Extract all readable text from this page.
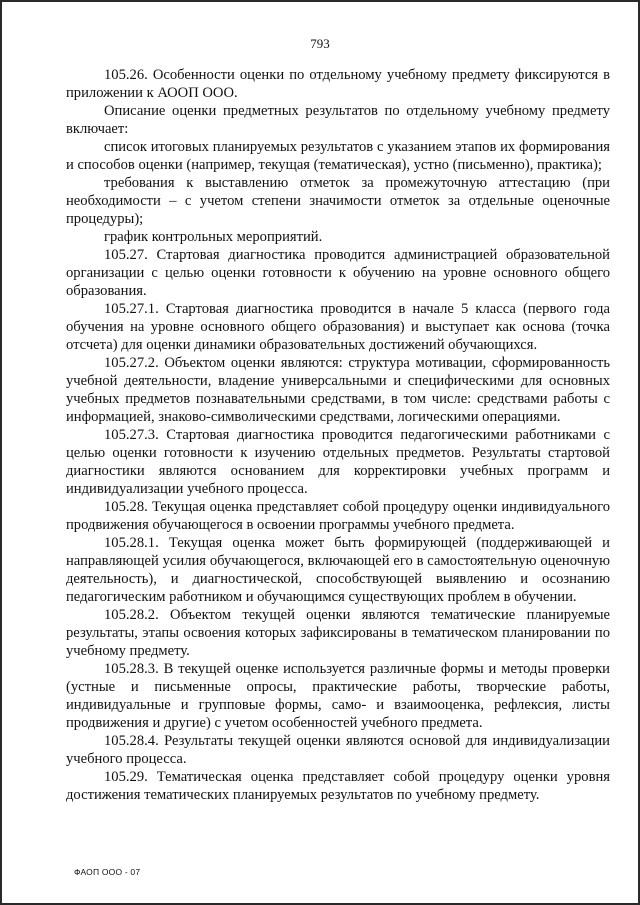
793

105.26. Особенности оценки по отдельному учебному предмету фиксируются в приложении к АООП ООО.

Описание оценки предметных результатов по отдельному учебному предмету включает:

список итоговых планируемых результатов с указанием этапов их формирования и способов оценки (например, текущая (тематическая), устно (письменно), практика);

требования к выставлению отметок за промежуточную аттестацию (при необходимости – с учетом степени значимости отметок за отдельные оценочные процедуры);

график контрольных мероприятий.

105.27. Стартовая диагностика проводится администрацией образовательной организации с целью оценки готовности к обучению на уровне основного общего образования.

105.27.1. Стартовая диагностика проводится в начале 5 класса (первого года обучения на уровне основного общего образования) и выступает как основа (точка отсчета) для оценки динамики образовательных достижений обучающихся.

105.27.2. Объектом оценки являются: структура мотивации, сформированность учебной деятельности, владение универсальными и специфическими для основных учебных предметов познавательными средствами, в том числе: средствами работы с информацией, знаково-символическими средствами, логическими операциями.

105.27.3. Стартовая диагностика проводится педагогическими работниками с целью оценки готовности к изучению отдельных предметов. Результаты стартовой диагностики являются основанием для корректировки учебных программ и индивидуализации учебного процесса.

105.28. Текущая оценка представляет собой процедуру оценки индивидуального продвижения обучающегося в освоении программы учебного предмета.

105.28.1. Текущая оценка может быть формирующей (поддерживающей и направляющей усилия обучающегося, включающей его в самостоятельную оценочную деятельность), и диагностической, способствующей выявлению и осознанию педагогическим работником и обучающимся существующих проблем в обучении.

105.28.2. Объектом текущей оценки являются тематические планируемые результаты, этапы освоения которых зафиксированы в тематическом планировании по учебному предмету.

105.28.3. В текущей оценке используется различные формы и методы проверки (устные и письменные опросы, практические работы, творческие работы, индивидуальные и групповые формы, само- и взаимооценка, рефлексия, листы продвижения и другие) с учетом особенностей учебного предмета.

105.28.4. Результаты текущей оценки являются основой для индивидуализации учебного процесса.

105.29. Тематическая оценка представляет собой процедуру оценки уровня достижения тематических планируемых результатов по учебному предмету.

ФАОП ООО - 07
